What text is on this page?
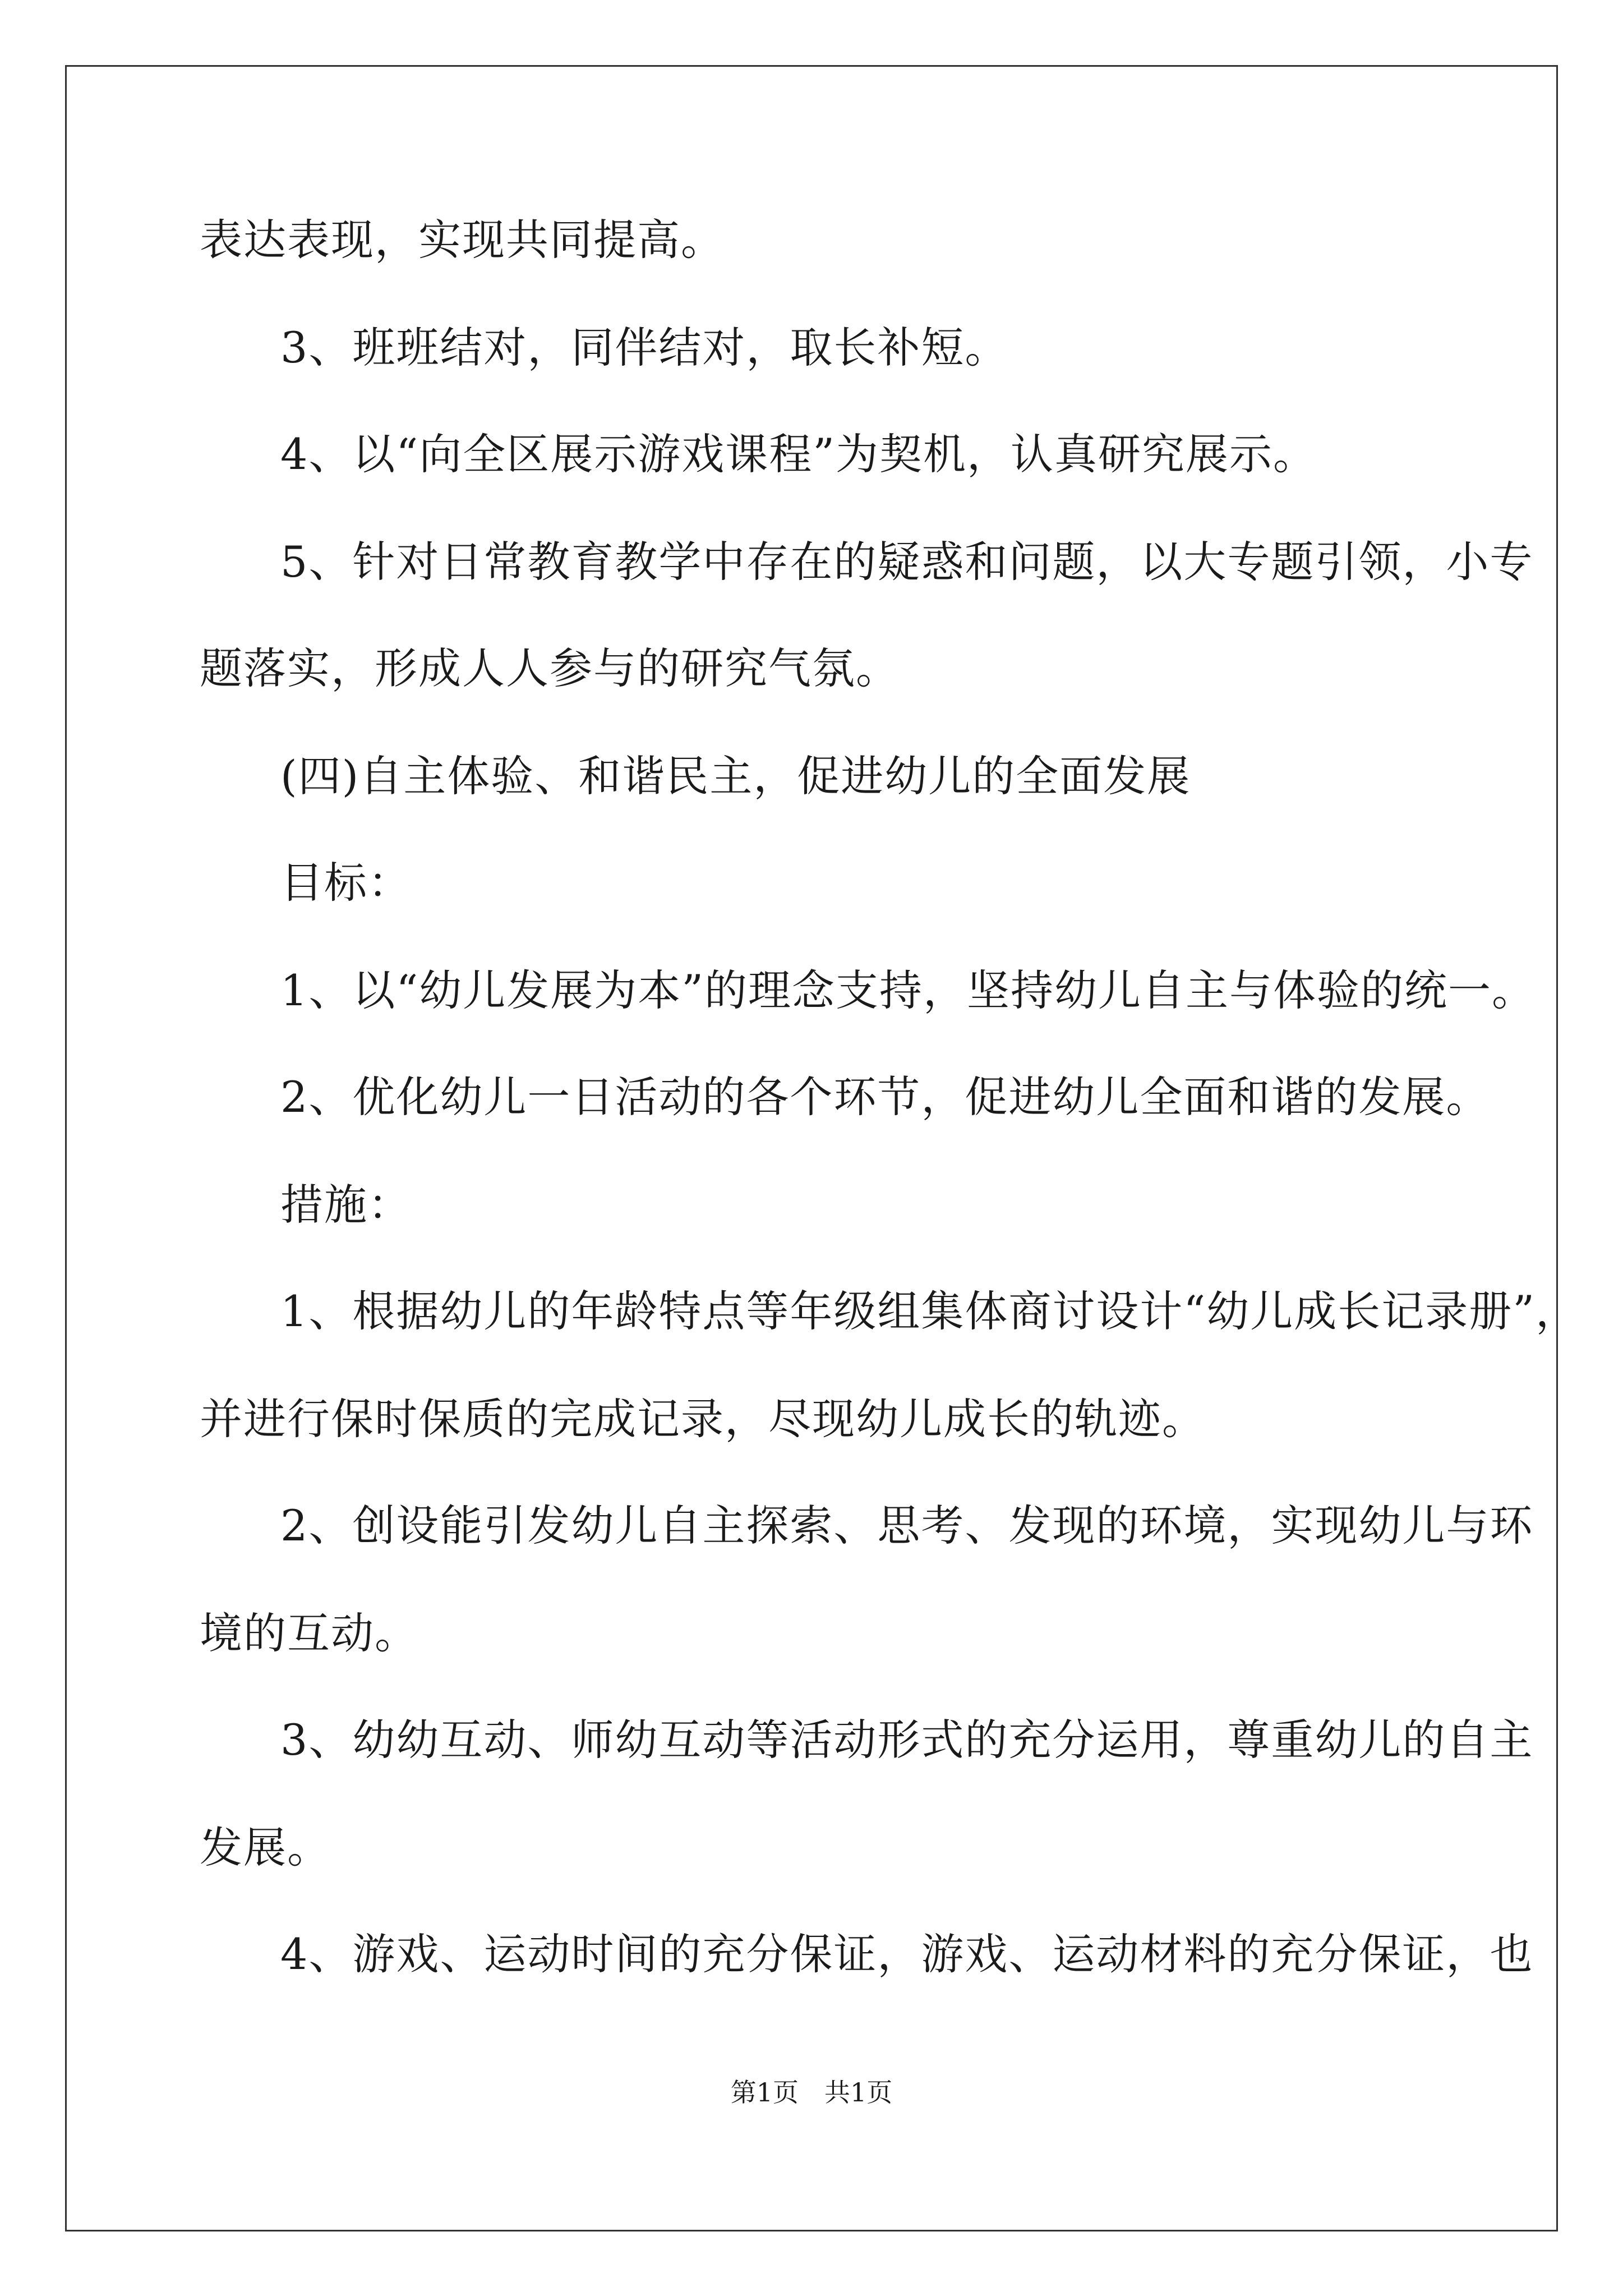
表达表现，实现共同提高。
3、班班结对，同伴结对，取长补短。
4、以“向全区展示游戏课程”为契机，认真研究展示。
5、针对日常教育教学中存在的疑惑和问题，以大专题引领，小专
题落实，形成人人参与的研究气氛。
(四)自主体验、和谐民主，促进幼儿的全面发展
目标：
1、以“幼儿发展为本”的理念支持，坚持幼儿自主与体验的统一。
2、优化幼儿一日活动的各个环节，促进幼儿全面和谐的发展。
措施：
1、根据幼儿的年龄特点等年级组集体商讨设计“幼儿成长记录册”，
并进行保时保质的完成记录，尽现幼儿成长的轨迹。
2、创设能引发幼儿自主探索、思考、发现的环境，实现幼儿与环
境的互动。
3、幼幼互动、师幼互动等活动形式的充分运用，尊重幼儿的自主
发展。
4、游戏、运动时间的充分保证，游戏、运动材料的充分保证，也
第1页　共1页
